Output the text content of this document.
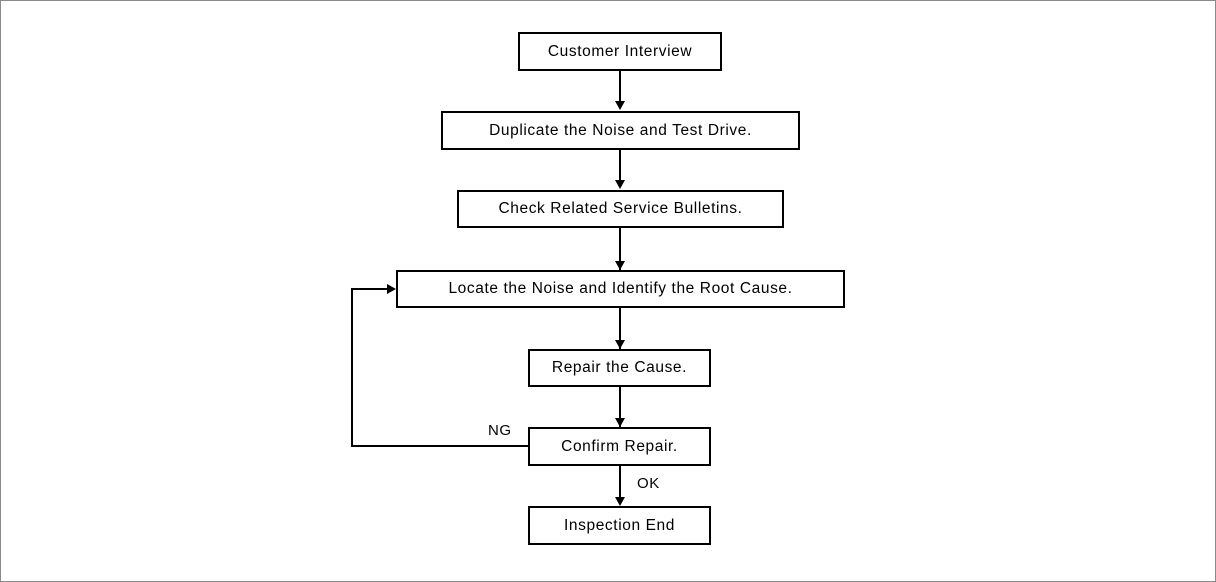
Customer Interview
Duplicate the Noise and Test Drive.
Check Related Service Bulletins.
Locate the Noise and Identify the Root Cause.
Repair the Cause.
Confirm Repair.
NG
OK
Inspection End
